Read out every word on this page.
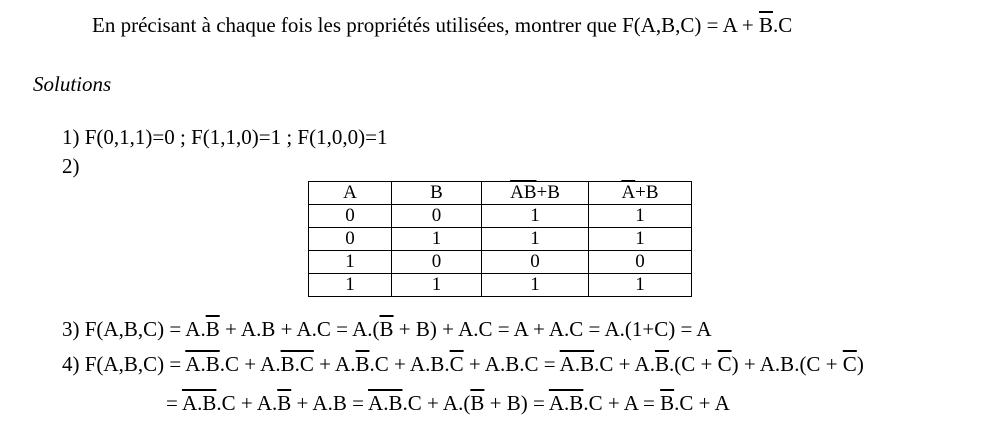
En précisant à chaque fois les propriétés utilisées, montrer que $F(A,B,C) = A + \overline{B}.C$
Solutions
1) F(0,1,1)=0 ; F(1,1,0)=1 ; F(1,0,0)=1
2)
A	B	$\overline{AB}+B$	$\overline{A}+B$
0	0	1	1
0	1	1	1
1	0	0	0
1	1	1	1
3) $F(A,B,C) = A.\overline{B} + A.B + A.C = A.(\overline{B} + B) + A.C = A + A.C = A.(1+C) = A$
4) $F(A,B,C) = A.B.C + A.B.C + A.\overline{B}.C + A.B.\overline{C} + A.B.C = A.B.C + A.\overline{B}.(C + \overline{C}) + A.B.(C + \overline{C})$
= $A.B.C + A.\overline{B} + A.B = A.B.C + A.(\overline{B} + B) = A.B.C + A = \overline{B}.C + A$
